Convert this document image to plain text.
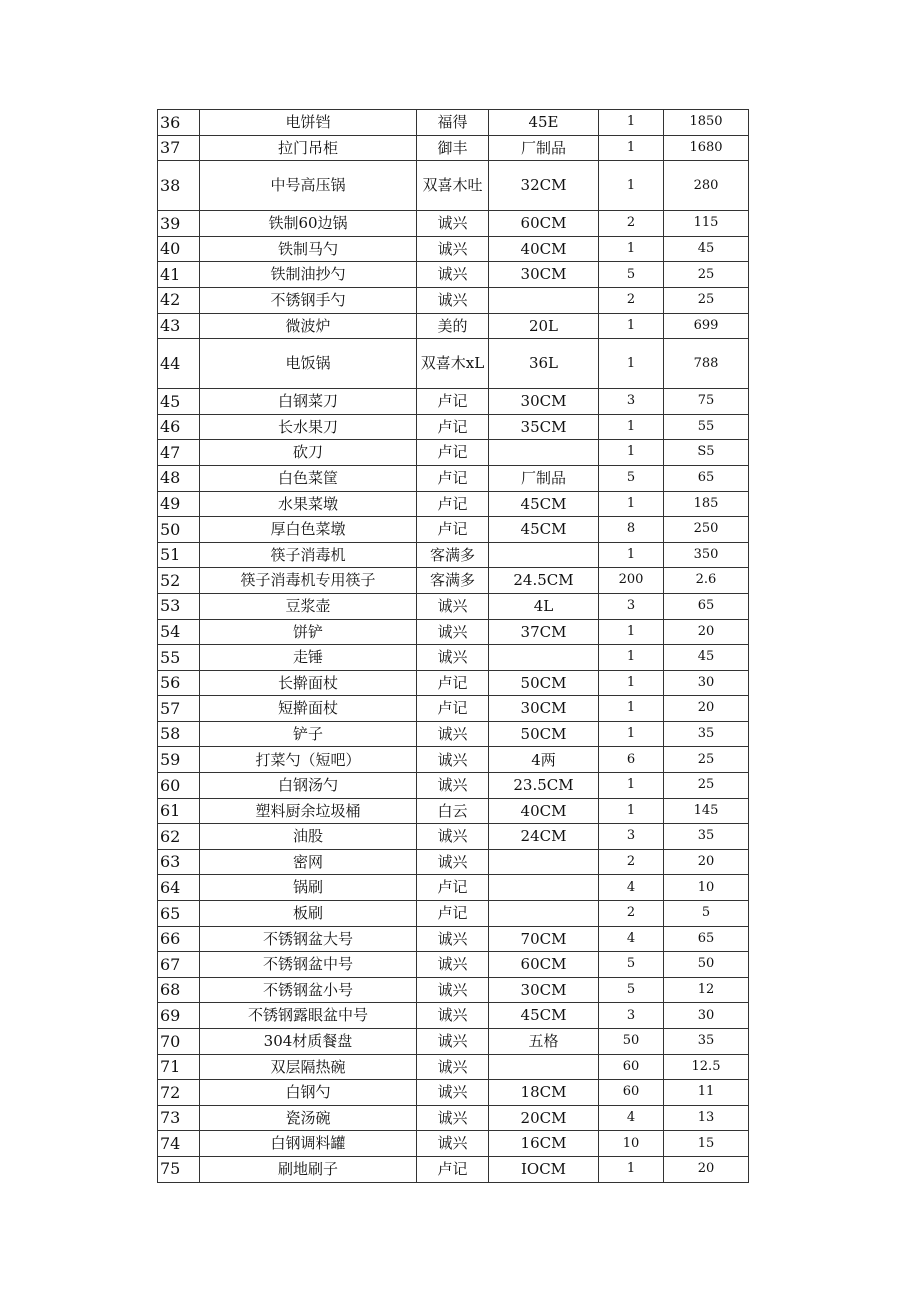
36	电饼铛	福得	45E	1	1850
37	拉门吊柜	御丰	厂制品	1	1680
38	中号高压锅	双喜木吐	32CM	1	280
39	铁制60边锅	诚兴	60CM	2	115
40	铁制马勺	诚兴	40CM	1	45
41	铁制油抄勺	诚兴	30CM	5	25
42	不锈钢手勺	诚兴		2	25
43	微波炉	美的	20L	1	699
44	电饭锅	双喜木xL	36L	1	788
45	白钢菜刀	卢记	30CM	3	75
46	长水果刀	卢记	35CM	1	55
47	砍刀	卢记		1	S5
48	白色菜筐	卢记	厂制品	5	65
49	水果菜墩	卢记	45CM	1	185
50	厚白色菜墩	卢记	45CM	8	250
51	筷子消毒机	客满多		1	350
52	筷子消毒机专用筷子	客满多	24.5CM	200	2.6
53	豆浆壶	诚兴	4L	3	65
54	饼铲	诚兴	37CM	1	20
55	走锤	诚兴		1	45
56	长擀面杖	卢记	50CM	1	30
57	短擀面杖	卢记	30CM	1	20
58	铲子	诚兴	50CM	1	35
59	打菜勺（短吧）	诚兴	4两	6	25
60	白钢汤勺	诚兴	23.5CM	1	25
61	塑料厨余垃圾桶	白云	40CM	1	145
62	油股	诚兴	24CM	3	35
63	密网	诚兴		2	20
64	锅刷	卢记		4	10
65	板刷	卢记		2	5
66	不锈钢盆大号	诚兴	70CM	4	65
67	不锈钢盆中号	诚兴	60CM	5	50
68	不锈钢盆小号	诚兴	30CM	5	12
69	不锈钢露眼盆中号	诚兴	45CM	3	30
70	304材质餐盘	诚兴	五格	50	35
71	双层隔热碗	诚兴		60	12.5
72	白钢勺	诚兴	18CM	60	11
73	瓷汤碗	诚兴	20CM	4	13
74	白钢调料罐	诚兴	16CM	10	15
75	刷地刷子	卢记	IOCM	1	20
